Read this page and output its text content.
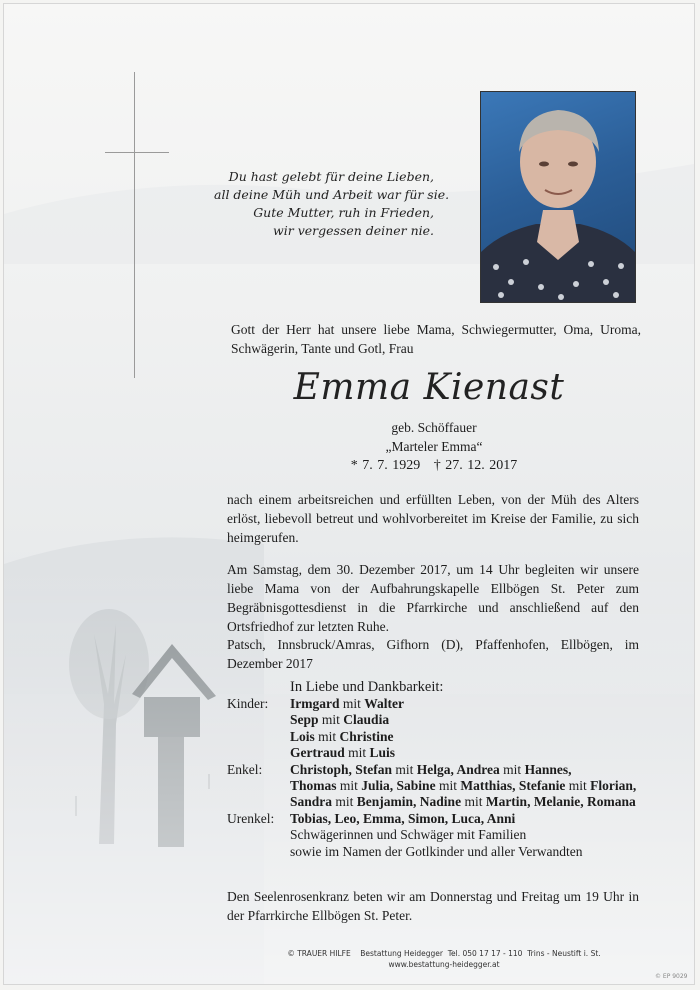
Du hast gelebt für deine Lieben,
all deine Müh und Arbeit war für sie.
Gute Mutter, ruh in Frieden,
wir vergessen deiner nie.
Gott der Herr hat unsere liebe Mama, Schwiegermutter, Oma, Uroma, Schwägerin, Tante und Gotl, Frau
Emma Kienast
geb. Schöffauer
„Marteler Emma“
* 7. 7. 1929   † 27. 12. 2017
nach einem arbeitsreichen und erfüllten Leben, von der Müh des Alters erlöst, liebevoll betreut und wohlvorbereitet im Kreise der Familie, zu sich heimgerufen.
Am Samstag, dem 30. Dezember 2017, um 14 Uhr begleiten wir unsere liebe Mama von der Aufbahrungskapelle Ellbögen St. Peter zum Begräbnisgottesdienst in die Pfarrkirche und anschließend auf den Ortsfriedhof zur letzten Ruhe.
Patsch, Innsbruck/Amras, Gifhorn (D), Pfaffenhofen, Ellbögen, im Dezember 2017
In Liebe und Dankbarkeit:
Kinder:	Irmgard mit Walter
Sepp mit Claudia
Lois mit Christine
Gertraud mit Luis
Enkel:	Christoph, Stefan mit Helga, Andrea mit Hannes,
Thomas mit Julia, Sabine mit Matthias, Stefanie mit Florian,
Sandra mit Benjamin, Nadine mit Martin, Melanie, Romana
Urenkel:	Tobias, Leo, Emma, Simon, Luca, Anni
Schwägerinnen und Schwäger mit Familien
sowie im Namen der Gotlkinder und aller Verwandten
Den Seelenrosenkranz beten wir am Donnerstag und Freitag um 19 Uhr in der Pfarrkirche Ellbögen St. Peter.
© TRAUER HILFE    Bestattung Heidegger  Tel. 050 17 17 - 110  Trins - Neustift i. St.
www.bestattung-heidegger.at
© EP 9029
